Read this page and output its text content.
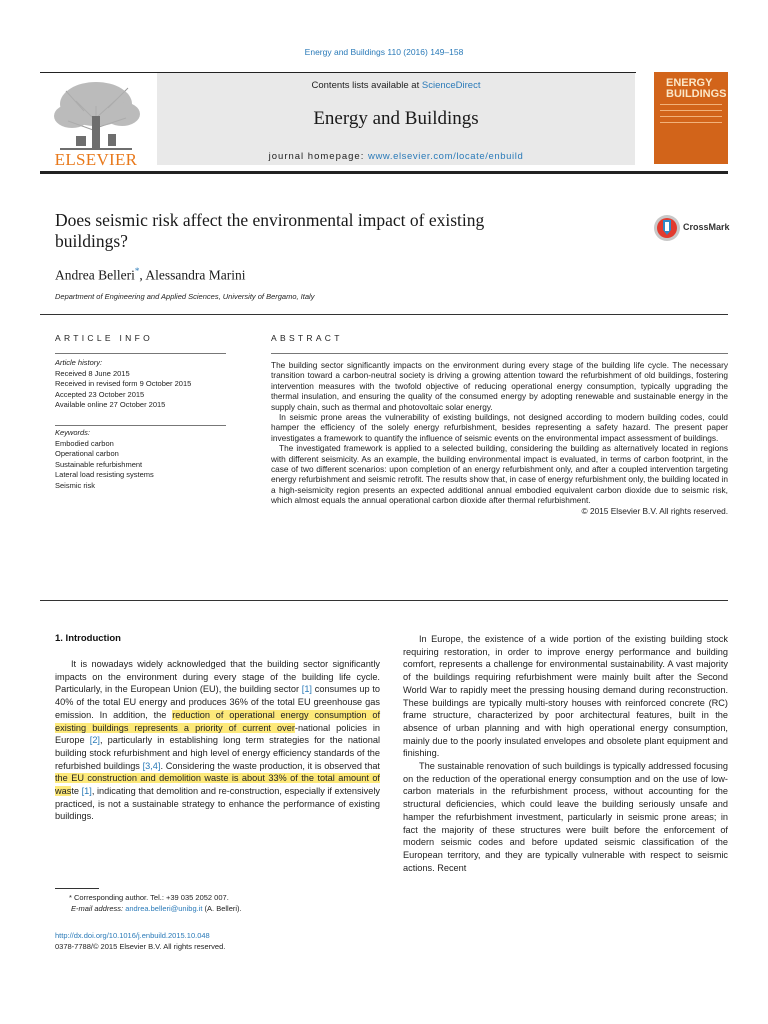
Energy and Buildings 110 (2016) 149–158
Contents lists available at ScienceDirect
Energy and Buildings
journal homepage: www.elsevier.com/locate/enbuild
ELSEVIER
ENERGY
BUILDINGS
Does seismic risk affect the environmental impact of existing
buildings?
CrossMark
Andrea Belleri*, Alessandra Marini
Department of Engineering and Applied Sciences, University of Bergamo, Italy
ARTICLE INFO
Article history:
Received 8 June 2015
Received in revised form 9 October 2015
Accepted 23 October 2015
Available online 27 October 2015
Keywords:
Embodied carbon
Operational carbon
Sustainable refurbishment
Lateral load resisting systems
Seismic risk
ABSTRACT

The building sector significantly impacts on the environment during every stage of the building life cycle. The necessary transition toward a carbon-neutral society is driving a growing attention toward the refurbishment of old buildings, fostering intervention measures with the twofold objective of reducing operational energy consumption, typically upgrading the thermal insulation, and ensuring the quality of the consumed energy by adopting renewable and sustainable energy in the supply chain, such as thermal and photovoltaic solar energy.

In seismic prone areas the vulnerability of existing buildings, not designed according to modern building codes, could hamper the efficiency of the solely energy refurbishment, besides representing a safety hazard. The present paper investigates a framework to quantify the influence of seismic events on the environmental impact assessment of buildings.

The investigated framework is applied to a selected building, considering the building as alternatively located in regions with different seismicity. As an example, the building environmental impact is evaluated, in terms of carbon footprint, in the case of two different scenarios: upon completion of an energy refurbishment only, and after a coupled intervention targeting energy refurbishment and seismic retrofit. The results show that, in case of energy refurbishment only, the building located in a high-seismicity region presents an expected additional annual embodied equivalent carbon dioxide due to seismic risk, which almost equals the annual operational carbon dioxide after thermal refurbishment.

© 2015 Elsevier B.V. All rights reserved.
1. Introduction

It is nowadays widely acknowledged that the building sector significantly impacts on the environment during every stage of the building life cycle. Particularly, in the European Union (EU), the building sector [1] consumes up to 40% of the total EU energy and produces 36% of the total EU greenhouse gas emission. In addition, the reduction of operational energy consumption of existing buildings represents a priority of current over-national policies in Europe [2], particularly in establishing long term strategies for the national building stock refurbishment and high level of energy efficiency standards of the refurbished buildings [3,4]. Considering the waste production, it is observed that the EU construction and demolition waste is about 33% of the total amount of waste [1], indicating that demolition and re-construction, especially if extensively practiced, is not a sustainable strategy to enhance the performance of existing buildings.

In Europe, the existence of a wide portion of the existing building stock requiring restoration, in order to improve energy performance and building comfort, represents a challenge for environmental sustainability. A vast majority of the buildings requiring refurbishment were mainly built after the Second World War to rapidly meet the pressing housing demand during reconstruction. These buildings are typically multi-story houses with reinforced concrete (RC) frame structure, characterized by poor architectural features, built in the absence of urban planning and with high operational energy consumption, mainly due to the poorly insulated envelopes and obsolete plant equipment and finishing.

The sustainable renovation of such buildings is typically addressed focusing on the reduction of the operational energy consumption and on the use of low-carbon materials in the refurbishment process, without accounting for the structural deficiencies, which could leave the building seriously unsafe and hamper the refurbishment investment, particularly in seismic prone areas; in fact the majority of these structures were built before the enforcement of modern seismic codes and before updated seismic classification of the European territory, and they are typically vulnerable with respect to seismic actions. Recent

* Corresponding author. Tel.: +39 035 2052 007.
E-mail address: andrea.belleri@unibg.it (A. Belleri).
http://dx.doi.org/10.1016/j.enbuild.2015.10.048
0378-7788/© 2015 Elsevier B.V. All rights reserved.
